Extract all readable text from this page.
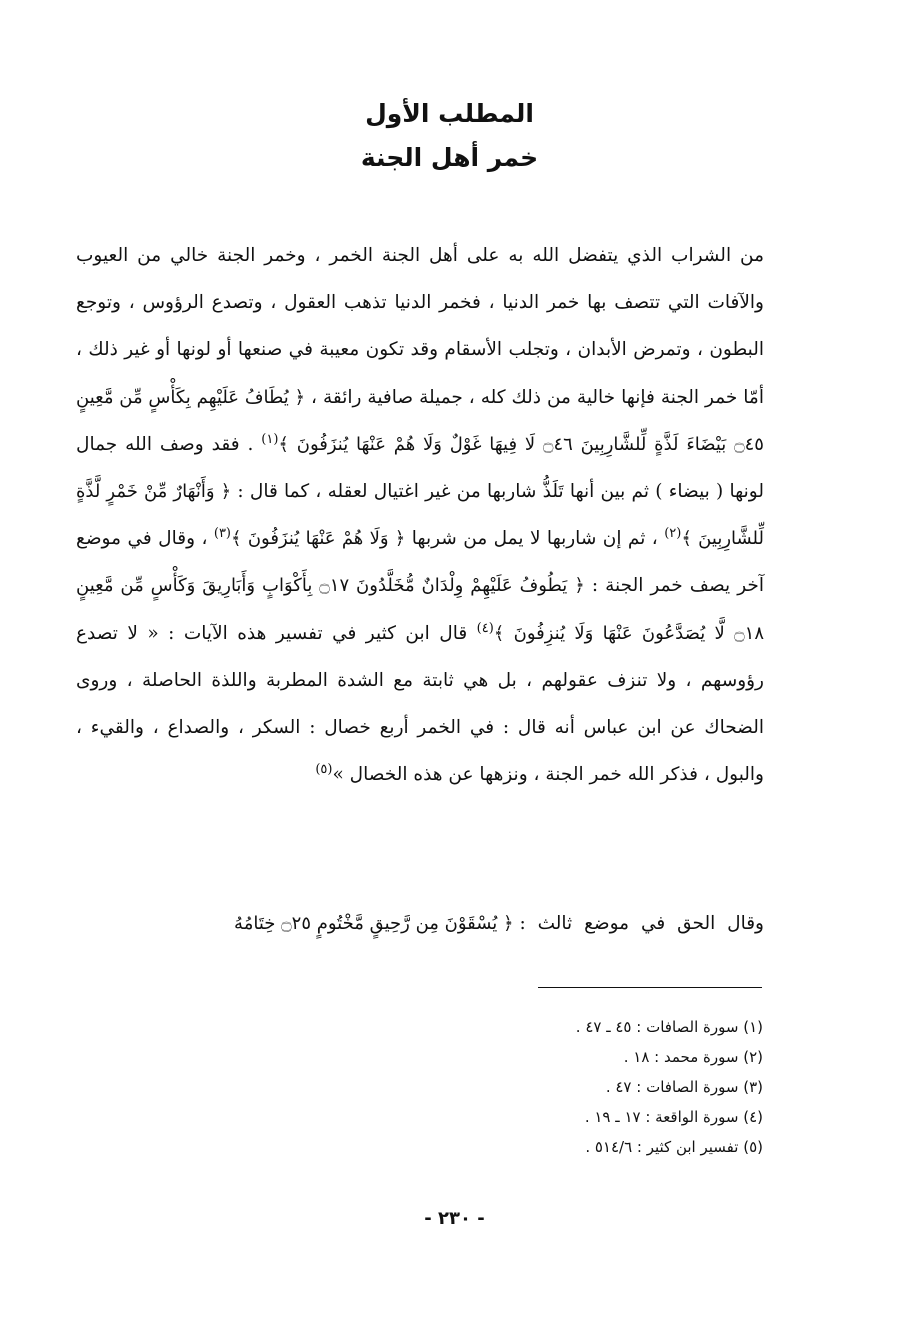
المطلب الأول
خمر أهل الجنة

من الشراب الذي يتفضل الله به على أهل الجنة الخمر ، وخمر الجنة خالي من العيوب والآفات التي تتصف بها خمر الدنيا ، فخمر الدنيا تذهب العقول ، وتصدع الرؤوس ، وتوجع البطون ، وتمرض الأبدان ، وتجلب الأسقام وقد تكون معيبة في صنعها أو لونها أو غير ذلك ، أمّا خمر الجنة فإنها خالية من ذلك كله ، جميلة صافية رائقة ، ﴿ يُطَافُ عَلَيْهِم بِكَأْسٍ مِّن مَّعِينٍ ۝٤٥ بَيْضَاءَ لَذَّةٍ لِّلشَّارِبِينَ ۝٤٦ لَا فِيهَا غَوْلٌ وَلَا هُمْ عَنْهَا يُنزَفُونَ ﴾$^{(١)}$ . فقد وصف الله جمال لونها ( بيضاء ) ثم بين أنها تَلَذُّ شاربها من غير اغتيال لعقله ، كما قال : ﴿ وَأَنْهَارٌ مِّنْ خَمْرٍ لَّذَّةٍ لِّلشَّارِبِينَ ﴾$^{(٢)}$ ، ثم إن شاربها لا يمل من شربها ﴿ وَلَا هُمْ عَنْهَا يُنزَفُونَ ﴾$^{(٣)}$ ، وقال في موضع آخر يصف خمر الجنة : ﴿ يَطُوفُ عَلَيْهِمْ وِلْدَانٌ مُّخَلَّدُونَ ۝١٧ بِأَكْوَابٍ وَأَبَارِيقَ وَكَأْسٍ مِّن مَّعِينٍ ۝١٨ لَّا يُصَدَّعُونَ عَنْهَا وَلَا يُنزِفُونَ ﴾$^{(٤)}$ قال ابن كثير في تفسير هذه الآيات : « لا تصدع رؤوسهم ، ولا تنزف عقولهم ، بل هي ثابتة مع الشدة المطربة واللذة الحاصلة ، وروى الضحاك عن ابن عباس أنه قال : في الخمر أربع خصال : السكر ، والصداع ، والقيء ، والبول ، فذكر الله خمر الجنة ، ونزهها عن هذه الخصال »$^{(٥)}$

وقال الحق في موضع ثالث : ﴿ يُسْقَوْنَ مِن رَّحِيقٍ مَّخْتُومٍ ۝٢٥ خِتَامُهُ
(١) سورة الصافات : ٤٥ ـ ٤٧ .
(٢) سورة محمد : ١٨ .
(٣) سورة الصافات : ٤٧ .
(٤) سورة الواقعة : ١٧ ـ ١٩ .
(٥) تفسير ابن كثير : ٥١٤/٦ .
- ٢٣٠ -
